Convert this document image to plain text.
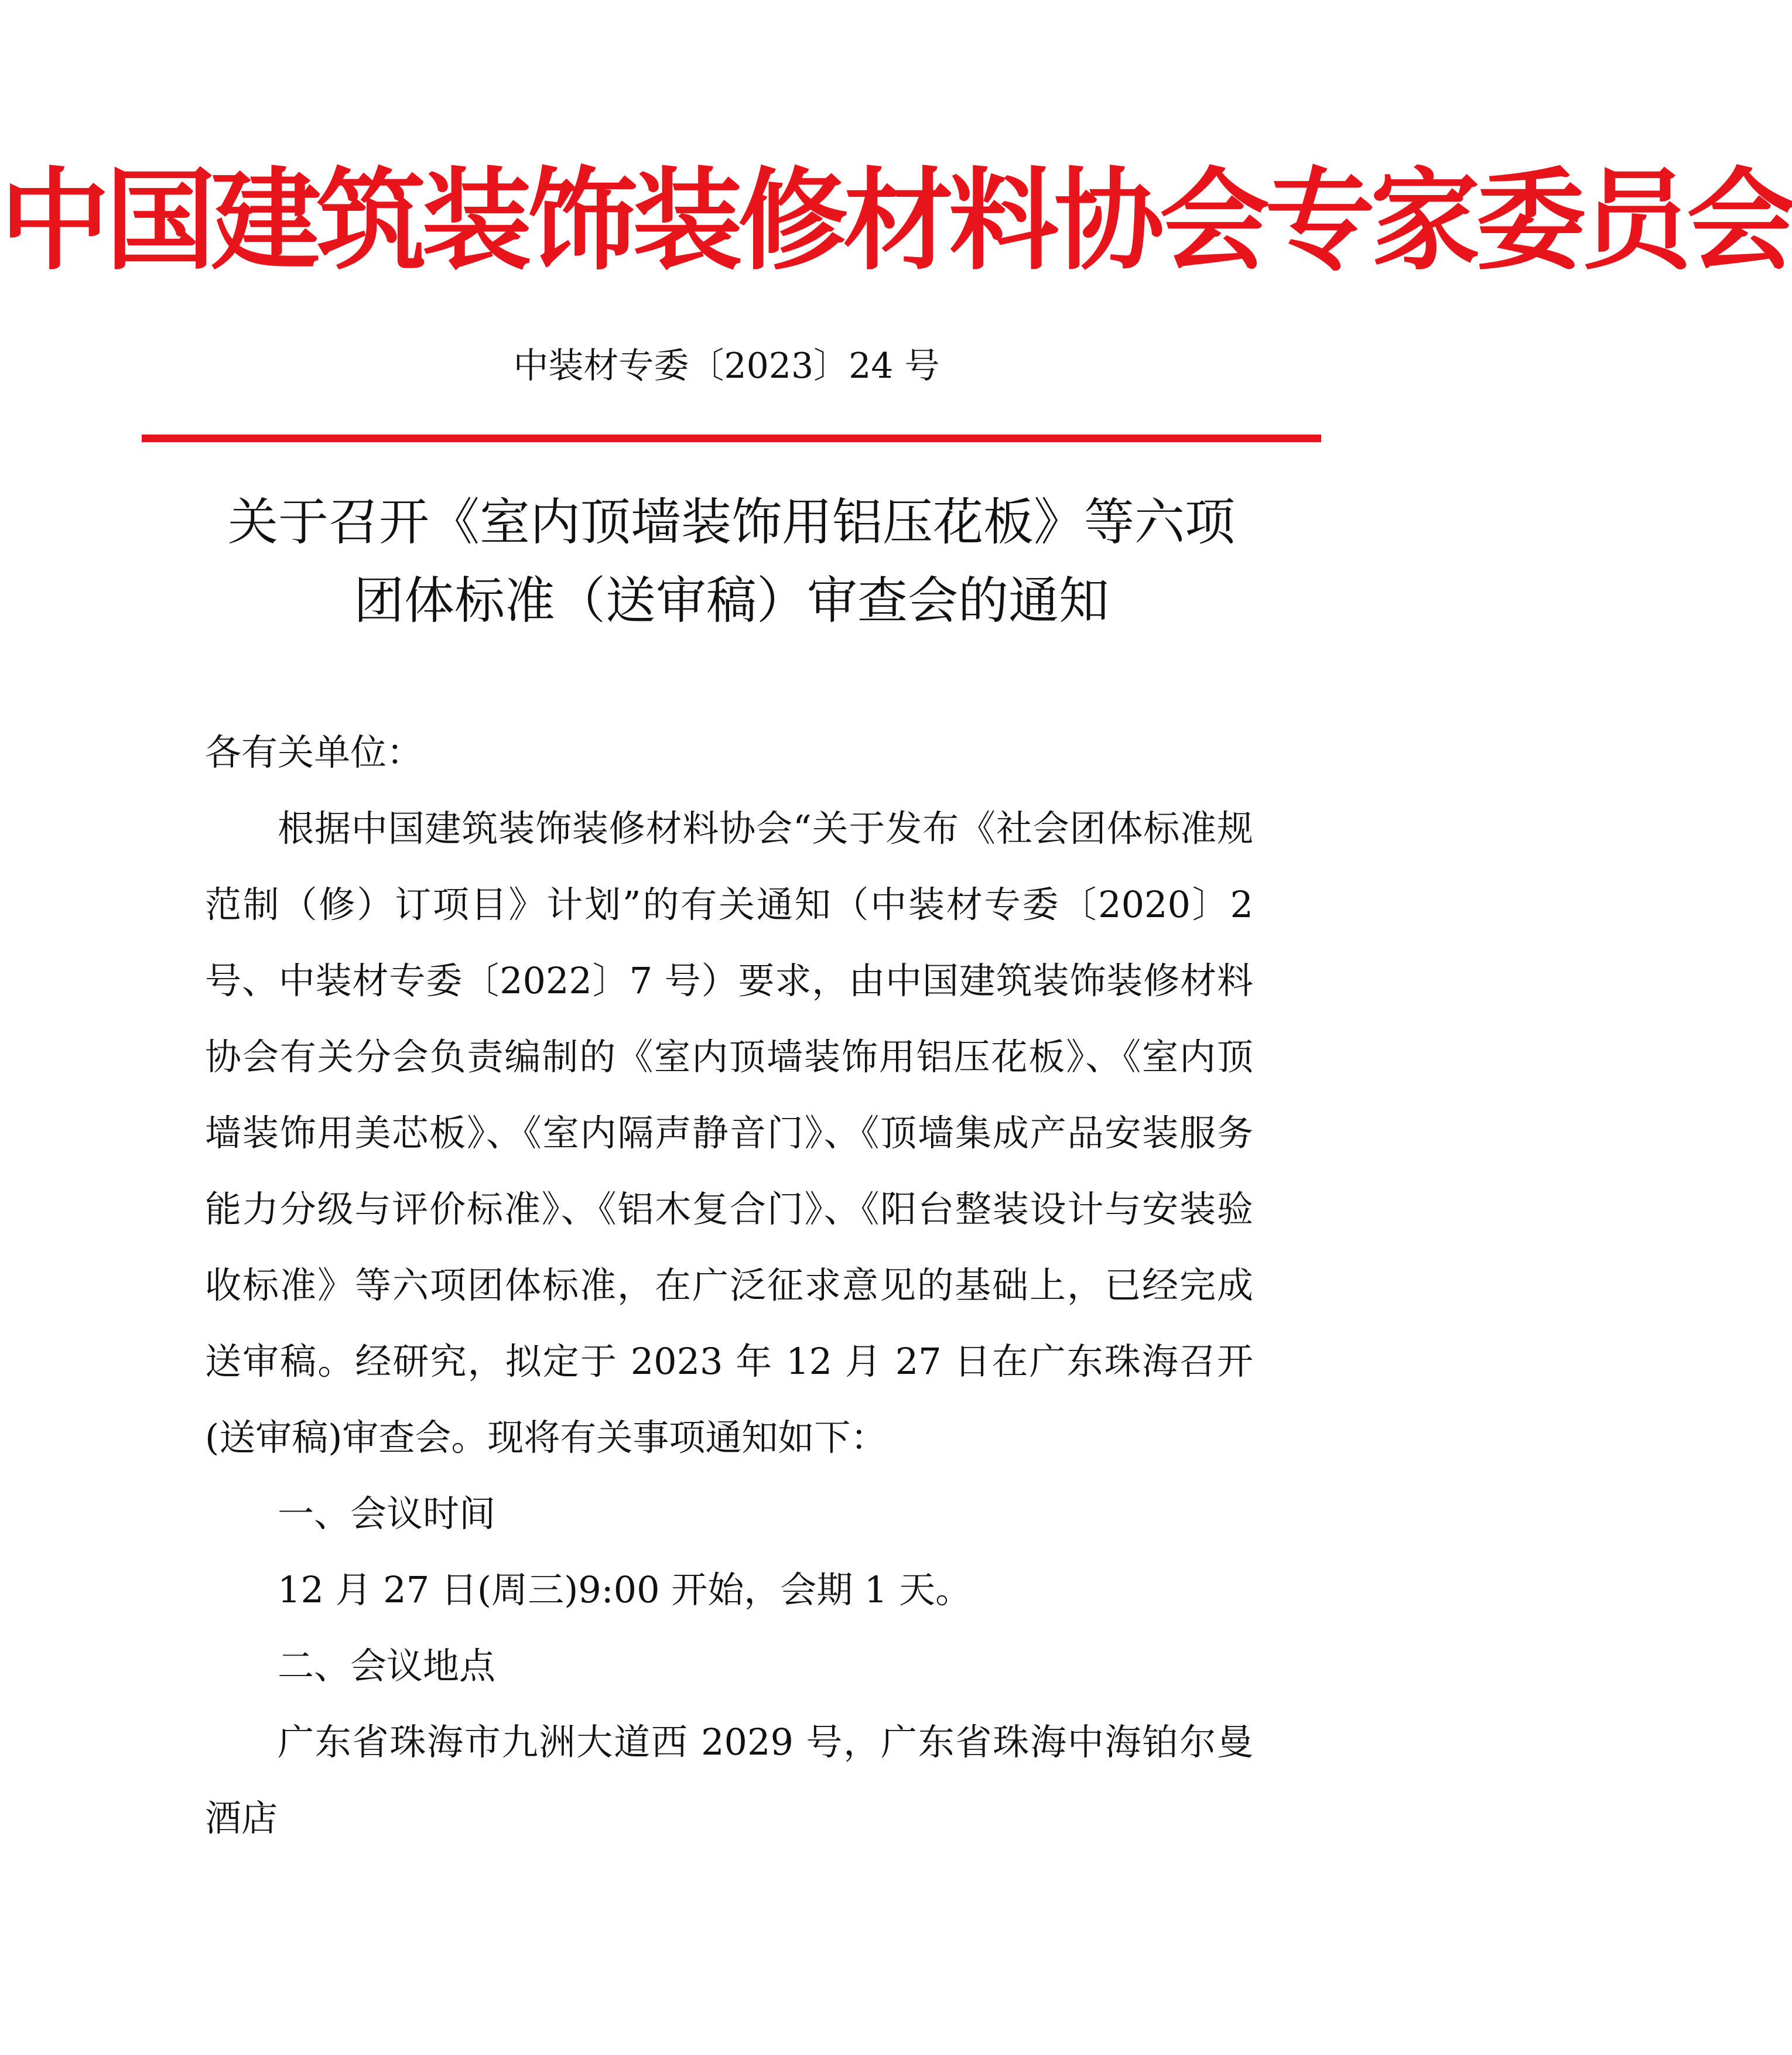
中国建筑装饰装修材料协会专家委员会
中装材专委〔2023〕24 号
关于召开《室内顶墙装饰用铝压花板》等六项
团体标准（送审稿）审查会的通知

各有关单位：

根据中国建筑装饰装修材料协会“关于发布《社会团体标准规范制（修）订项目》计划”的有关通知（中装材专委〔2020〕2 号、中装材专委〔2022〕7 号）要求，由中国建筑装饰装修材料协会有关分会负责编制的《室内顶墙装饰用铝压花板》、《室内顶墙装饰用美芯板》、《室内隔声静音门》、《顶墙集成产品安装服务能力分级与评价标准》、《铝木复合门》、《阳台整装设计与安装验收标准》等六项团体标准，在广泛征求意见的基础上，已经完成送审稿。经研究，拟定于 2023 年 12 月 27 日在广东珠海召开(送审稿)审查会。现将有关事项通知如下：

一、会议时间

12 月 27 日(周三)9:00 开始，会期 1 天。

二、会议地点

广东省珠海市九洲大道西 2029 号，广东省珠海中海铂尔曼酒店
